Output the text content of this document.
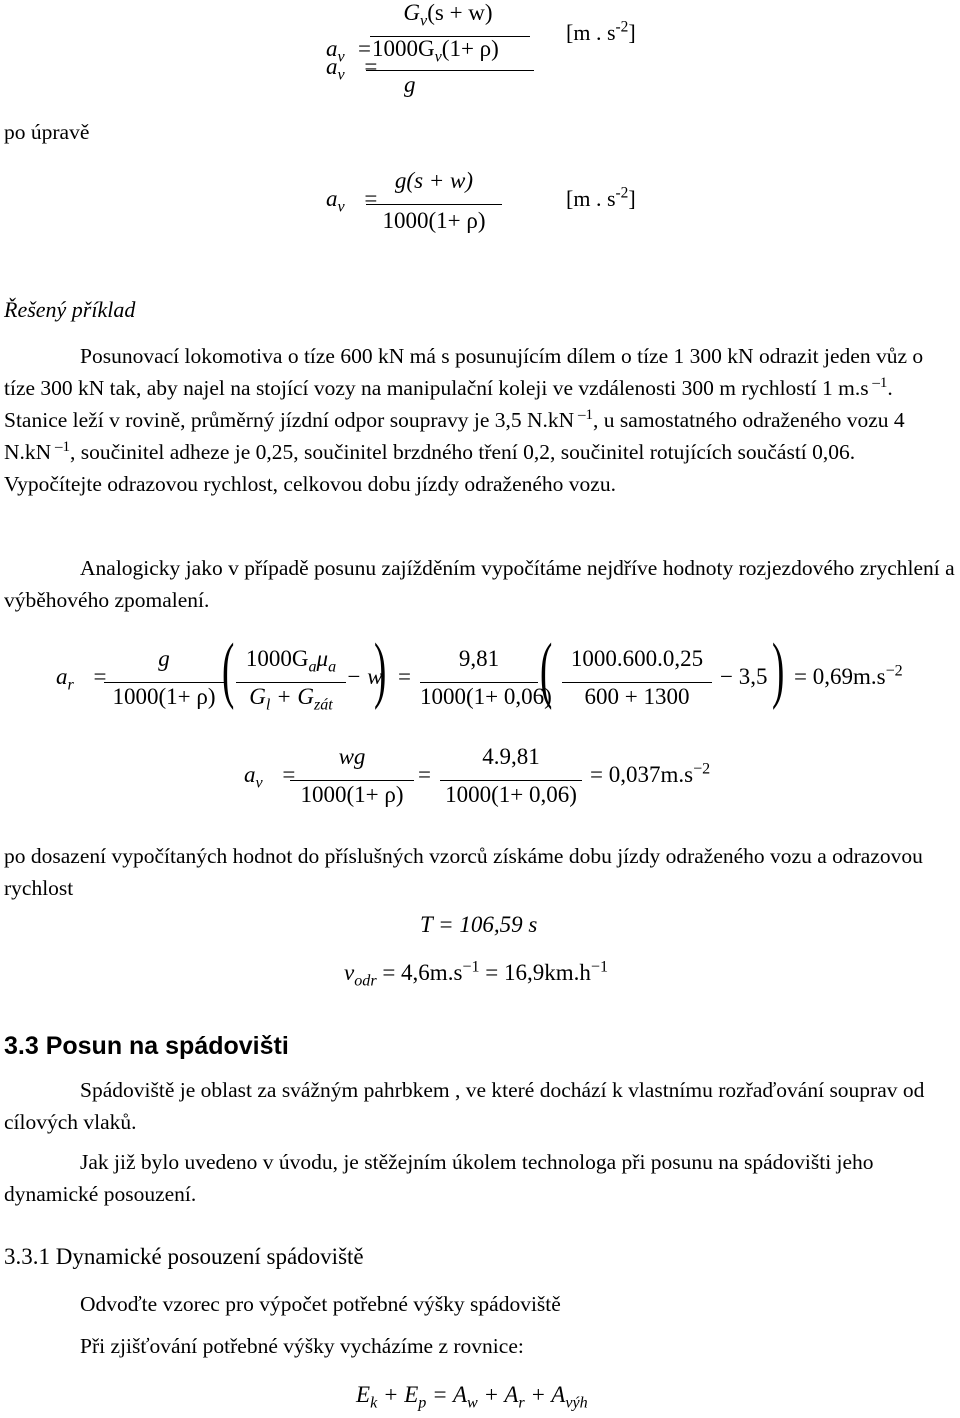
$a_v$ =
$G_v(s + w)$
$1000G_v(1+ \rho)$
g
$a_v$ =
[m . $s^{-2}$]
po úpravě
$a_v$ =
g(s + w)
1000(1+ ρ)
[m . $s^{-2}$]
Řešený příklad
Posunovací lokomotiva o tíze 600 kN má s posunujícím dílem o tíze 1 300 kN odrazit jeden vůz o tíze 300 kN tak, aby najel na stojící vozy na manipulační koleji ve vzdálenosti 300 m rychlostí 1 m.s $^{-1}$. Stanice leží v rovině, průměrný jízdní odpor soupravy je 3,5 N.kN $^{-1}$, u samostatného odraženého vozu 4 N.kN $^{-1}$, součinitel adheze je 0,25, součinitel brzdného tření 0,2, součinitel rotujících součástí 0,06. Vypočítejte odrazovou rychlost, celkovou dobu jízdy odraženého vozu.
Analogicky jako v případě posunu zajížděním vypočítáme nejdříve hodnoty rozjezdového zrychlení a výběhového zpomalení.
$a_r$ =
g
1000(1+ ρ) ( $1000G_a\mu_a$
$G_l + G_{zát}$
− w
) =
9,81
1000(1+ 0,06)
( 1000.600.0,25
600 + 1300
− 3,5 ) = $0,69m.s^{-2}$
$a_v$ =
wg
1000(1+ ρ)
=
4.9,81
1000(1+ 0,06)
= $0,037m.s^{-2}$
po dosazení vypočítaných hodnot do příslušných vzorců získáme dobu jízdy odraženého vozu a odrazovou rychlost
T = 106,59 s
$v_{odr} = 4,6m.s^{-1} = 16,9km.h^{-1}$
3.3 Posun na spádovišti
Spádoviště je oblast za svážným pahrbkem , ve které dochází k vlastnímu rozřaďování souprav od cílových vlaků.
Jak již bylo uvedeno v úvodu, je stěžejním úkolem technologa při posunu na spádovišti jeho dynamické posouzení.
3.3.1 Dynamické posouzení spádoviště
Odvoďte vzorec pro výpočet potřebné výšky spádoviště
Při zjišťování potřebné výšky vycházíme z rovnice:
$E_k + E_p = A_w + A_r + A_{výh}$
